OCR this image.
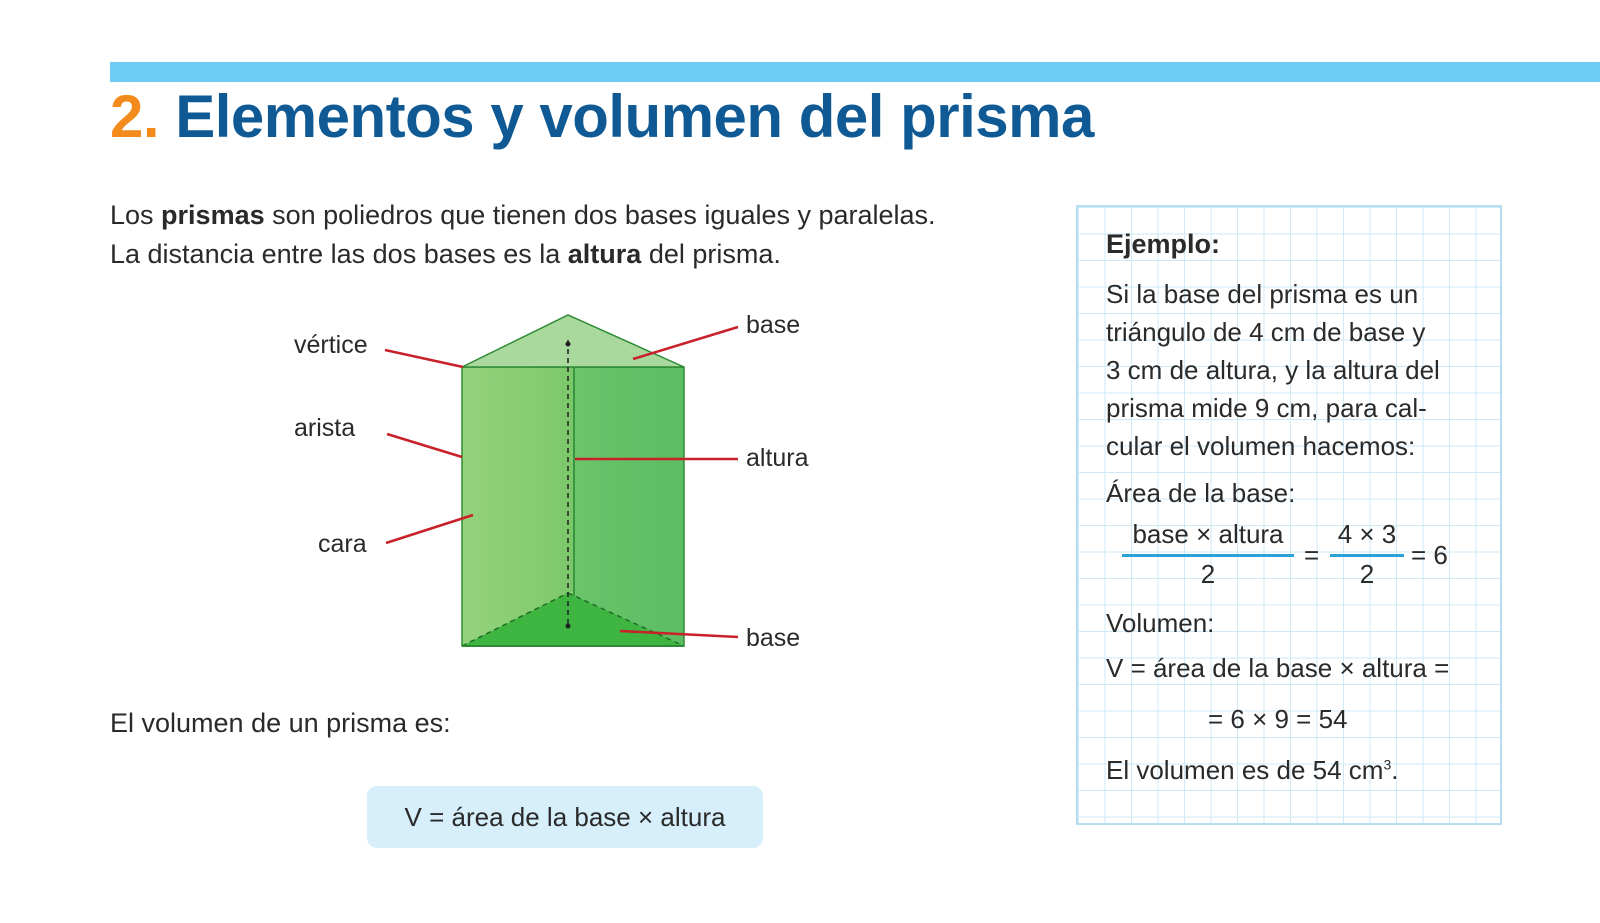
2. Elementos y volumen del prisma

Los prismas son poliedros que tienen dos bases iguales y paralelas.

La distancia entre las dos bases es la altura del prisma.

vértice
arista
cara
base
altura
base
El volumen de un prisma es:
V = área de la base × altura
Ejemplo:
Si la base del prisma es un
triángulo de 4 cm de base y
3 cm de altura, y la altura del
prisma mide 9 cm, para cal-
cular el volumen hacemos:
Área de la base:
base × altura
2
=
4 × 3
2
= 6
Volumen:
V = área de la base × altura =
= 6 × 9 = 54
El volumen es de 54 $cm^3$.
